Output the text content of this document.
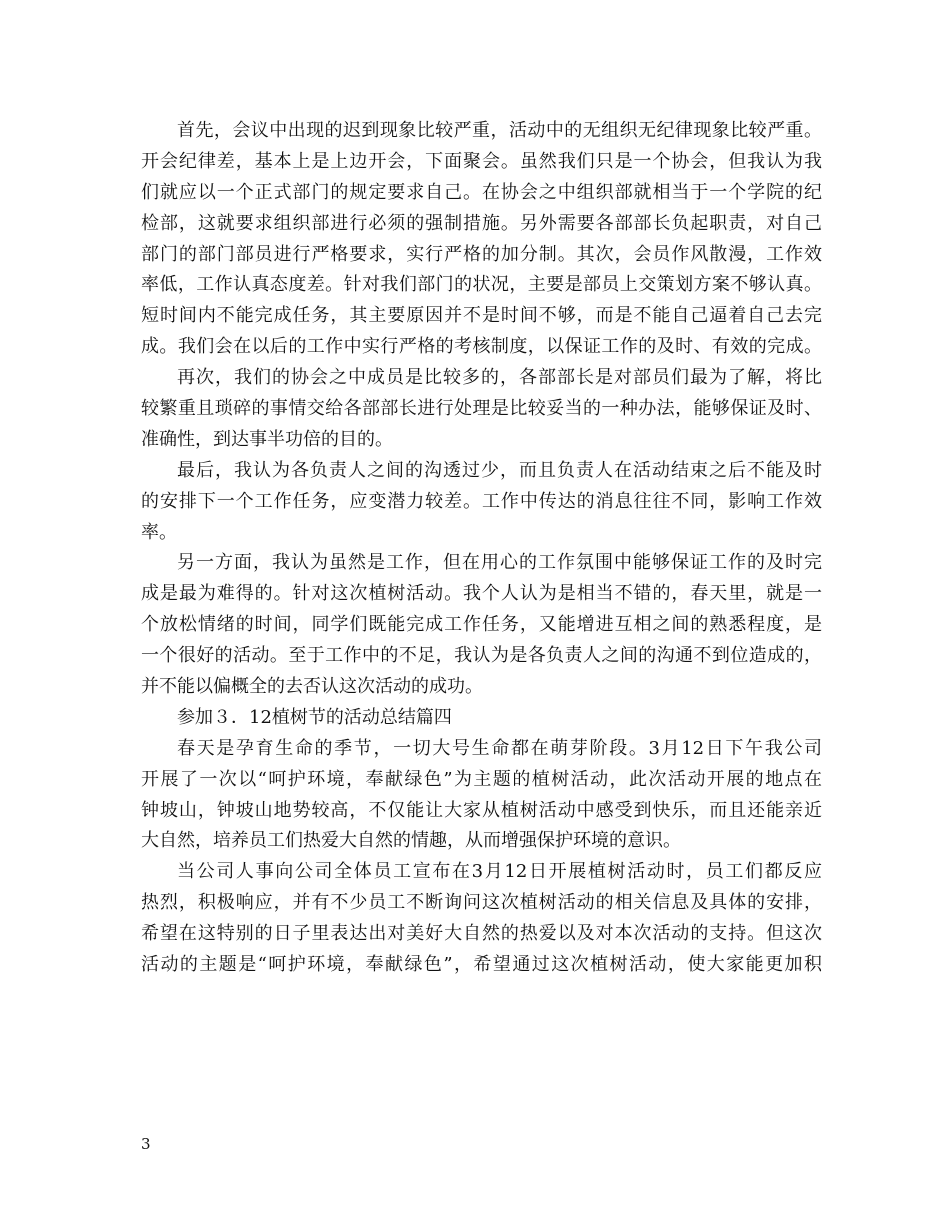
首先，会议中出现的迟到现象比较严重，活动中的无组织无纪律现象比较严重。
开会纪律差，基本上是上边开会，下面聚会。虽然我们只是一个协会，但我认为我
们就应以一个正式部门的规定要求自己。在协会之中组织部就相当于一个学院的纪
检部，这就要求组织部进行必须的强制措施。另外需要各部部长负起职责，对自己
部门的部门部员进行严格要求，实行严格的加分制。其次，会员作风散漫，工作效
率低，工作认真态度差。针对我们部门的状况，主要是部员上交策划方案不够认真。
短时间内不能完成任务，其主要原因并不是时间不够，而是不能自己逼着自己去完
成。我们会在以后的工作中实行严格的考核制度，以保证工作的及时、有效的完成。
再次，我们的协会之中成员是比较多的，各部部长是对部员们最为了解，将比
较繁重且琐碎的事情交给各部部长进行处理是比较妥当的一种办法，能够保证及时、
准确性，到达事半功倍的目的。
最后，我认为各负责人之间的沟透过少，而且负责人在活动结束之后不能及时
的安排下一个工作任务，应变潜力较差。工作中传达的消息往往不同，影响工作效
率。
另一方面，我认为虽然是工作，但在用心的工作氛围中能够保证工作的及时完
成是最为难得的。针对这次植树活动。我个人认为是相当不错的，春天里，就是一
个放松情绪的时间，同学们既能完成工作任务，又能增进互相之间的熟悉程度，是
一个很好的活动。至于工作中的不足，我认为是各负责人之间的沟通不到位造成的，
并不能以偏概全的去否认这次活动的成功。
参加３．12植树节的活动总结篇四
春天是孕育生命的季节，一切大号生命都在萌芽阶段。3月12日下午我公司
开展了一次以“呵护环境，奉献绿色”为主题的植树活动，此次活动开展的地点在
钟坡山，钟坡山地势较高，不仅能让大家从植树活动中感受到快乐，而且还能亲近
大自然，培养员工们热爱大自然的情趣，从而增强保护环境的意识。
当公司人事向公司全体员工宣布在3月12日开展植树活动时，员工们都反应
热烈，积极响应，并有不少员工不断询问这次植树活动的相关信息及具体的安排，
希望在这特别的日子里表达出对美好大自然的热爱以及对本次活动的支持。但这次
活动的主题是“呵护环境，奉献绿色”，希望通过这次植树活动，使大家能更加积
3
